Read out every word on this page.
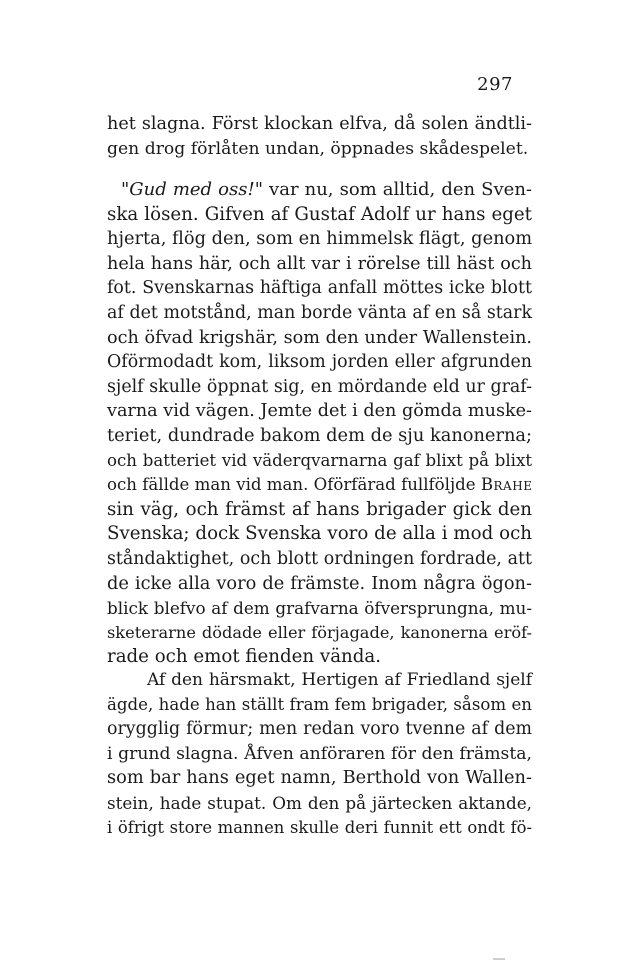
297
het slagna. Först klockan elfva, då solen ändtli-
gen drog förlåten undan, öppnades skådespelet.
"Gud med oss!" var nu, som alltid, den Sven-
ska lösen. Gifven af Gustaf Adolf ur hans eget
hjerta, flög den, som en himmelsk flägt, genom
hela hans här, och allt var i rörelse till häst och
fot. Svenskarnas häftiga anfall möttes icke blott
af det motstånd, man borde vänta af en så stark
och öfvad krigshär, som den under Wallenstein.
Oförmodadt kom, liksom jorden eller afgrunden
sjelf skulle öppnat sig, en mördande eld ur graf-
varna vid vägen. Jemte det i den gömda muske-
teriet, dundrade bakom dem de sju kanonerna;
och batteriet vid väderqvarnarna gaf blixt på blixt
och fällde man vid man. Oförfärad fullföljde Brahe
sin väg, och främst af hans brigader gick den
Svenska; dock Svenska voro de alla i mod och
ståndaktighet, och blott ordningen fordrade, att
de icke alla voro de främste. Inom några ögon-
blick blefvo af dem grafvarna öfversprungna, mu-
sketerarne dödade eller förjagade, kanonerna eröf-
rade och emot fienden vända.
Af den härsmakt, Hertigen af Friedland sjelf
ägde, hade han ställt fram fem brigader, såsom en
orygglig förmur; men redan voro tvenne af dem
i grund slagna. Åfven anföraren för den främsta,
som bar hans eget namn, Berthold von Wallen-
stein, hade stupat. Om den på järtecken aktande,
i öfrigt store mannen skulle deri funnit ett ondt fö-
